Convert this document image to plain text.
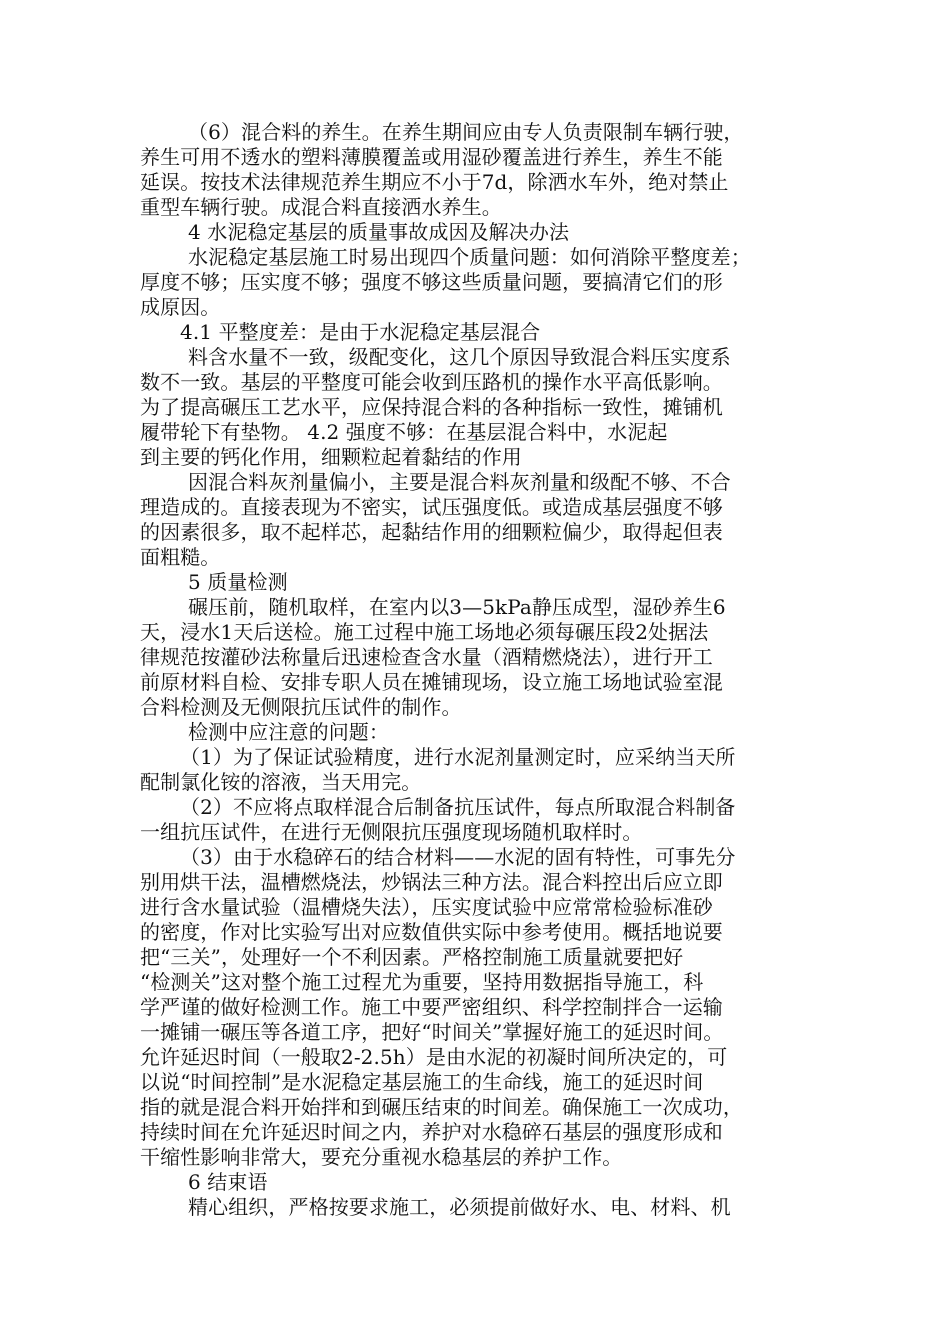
（6）混合料的养生。在养生期间应由专人负责限制车辆行驶，
养生可用不透水的塑料薄膜覆盖或用湿砂覆盖进行养生，养生不能
延误。按技术法律规范养生期应不小于7d，除洒水车外，绝对禁止
重型车辆行驶。成混合料直接洒水养生。
4 水泥稳定基层的质量事故成因及解决办法
水泥稳定基层施工时易出现四个质量问题：如何消除平整度差；
厚度不够；压实度不够；强度不够这些质量问题，要搞清它们的形
成原因。
4.1 平整度差：是由于水泥稳定基层混合
料含水量不一致，级配变化，这几个原因导致混合料压实度系
数不一致。基层的平整度可能会收到压路机的操作水平高低影响。
为了提高碾压工艺水平，应保持混合料的各种指标一致性，摊铺机
履带轮下有垫物。 4.2 强度不够：在基层混合料中，水泥起
到主要的钙化作用，细颗粒起着黏结的作用
因混合料灰剂量偏小，主要是混合料灰剂量和级配不够、不合
理造成的。直接表现为不密实，试压强度低。或造成基层强度不够
的因素很多，取不起样芯，起黏结作用的细颗粒偏少，取得起但表
面粗糙。
5 质量检测
碾压前，随机取样，在室内以3—5kPa静压成型，湿砂养生6
天，浸水1天后送检。施工过程中施工场地必须每碾压段2处据法
律规范按灌砂法称量后迅速检查含水量（酒精燃烧法），进行开工
前原材料自检、安排专职人员在摊铺现场，设立施工场地试验室混
合料检测及无侧限抗压试件的制作。
检测中应注意的问题：
（1）为了保证试验精度，进行水泥剂量测定时，应采纳当天所
配制氯化铵的溶液，当天用完。
（2）不应将点取样混合后制备抗压试件，每点所取混合料制备
一组抗压试件，在进行无侧限抗压强度现场随机取样时。
（3）由于水稳碎石的结合材料——水泥的固有特性，可事先分
别用烘干法，温槽燃烧法，炒锅法三种方法。混合料控出后应立即
进行含水量试验（温槽烧失法），压实度试验中应常常检验标准砂
的密度，作对比实验写出对应数值供实际中参考使用。概括地说要
把“三关”，处理好一个不利因素。严格控制施工质量就要把好
“检测关”这对整个施工过程尤为重要，坚持用数据指导施工，科
学严谨的做好检测工作。施工中要严密组织、科学控制拌合一运输
一摊铺一碾压等各道工序，把好“时间关”掌握好施工的延迟时间。
允许延迟时间（一般取2-2.5h）是由水泥的初凝时间所决定的，可
以说“时间控制”是水泥稳定基层施工的生命线，施工的延迟时间
指的就是混合料开始拌和到碾压结束的时间差。确保施工一次成功，
持续时间在允许延迟时间之内，养护对水稳碎石基层的强度形成和
干缩性影响非常大，要充分重视水稳基层的养护工作。
6 结束语
精心组织，严格按要求施工，必须提前做好水、电、材料、机
